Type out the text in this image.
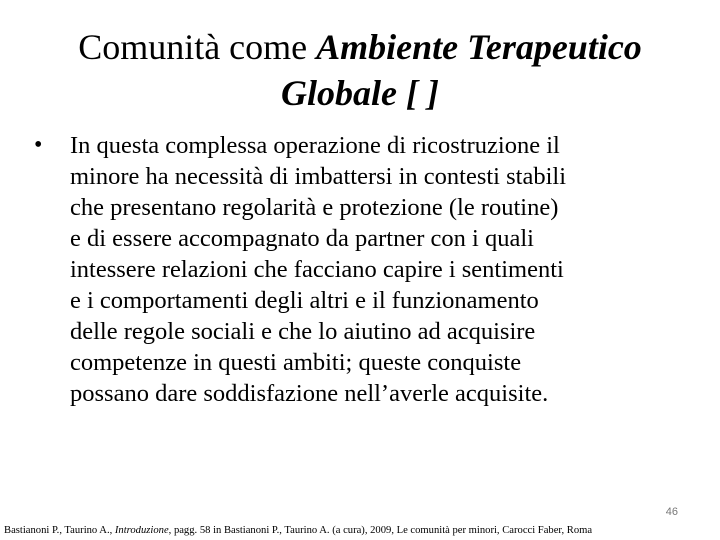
Comunità come Ambiente Terapeutico
Globale [ ]
•	In questa complessa operazione di ricostruzione il
minore ha necessità di imbattersi in contesti stabili
che presentano regolarità e protezione (le routine)
e di essere accompagnato da partner con i quali
intessere relazioni che facciano capire i sentimenti
e i comportamenti degli altri e il funzionamento
delle regole sociali e che lo aiutino ad acquisire
competenze in questi ambiti; queste conquiste
possano dare soddisfazione nell’averle acquisite.
46
Bastianoni P., Taurino A., Introduzione, pagg. 58 in Bastianoni P., Taurino A. (a cura), 2009, Le comunità per minori, Carocci Faber, Roma
